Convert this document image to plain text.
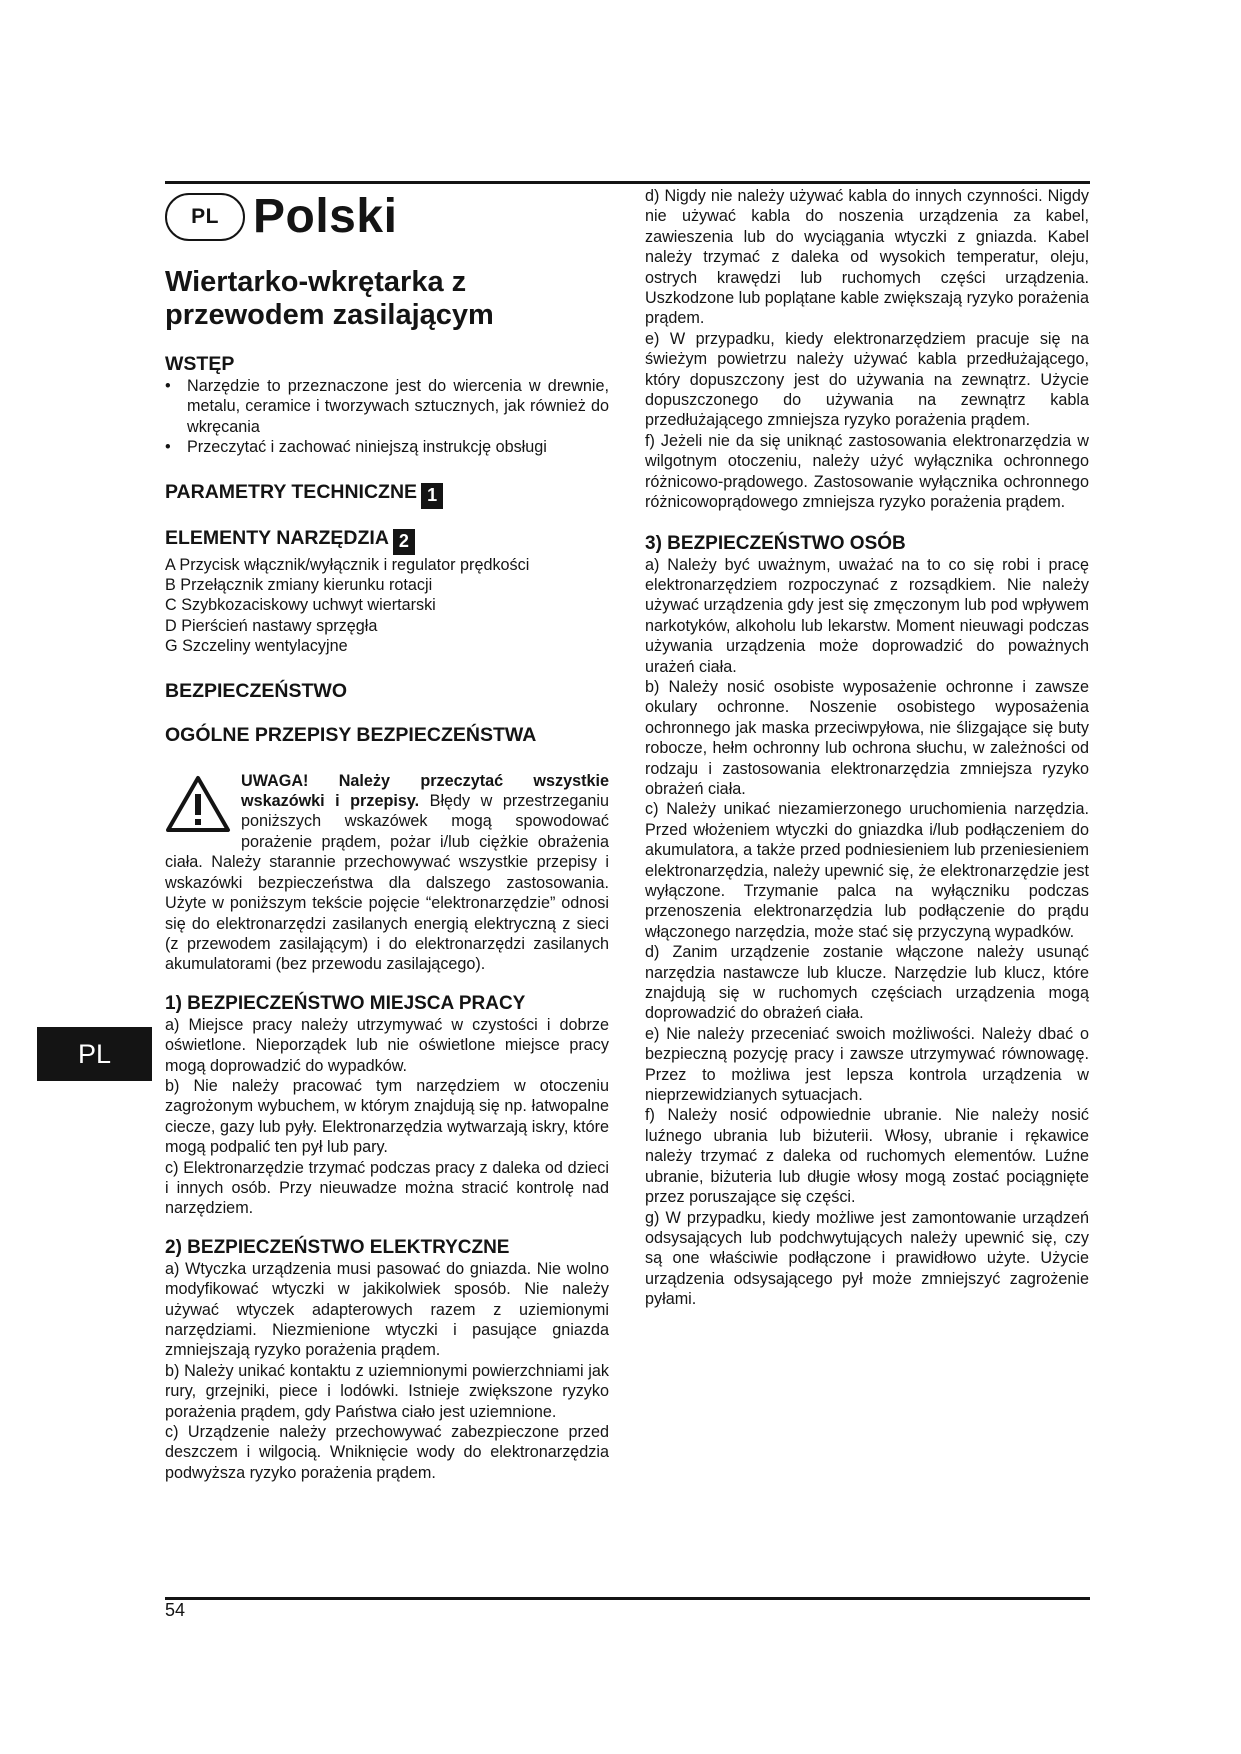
PL Polski
Wiertarko-wkrętarka z przewodem zasilającym
WSTĘP
• Narzędzie to przeznaczone jest do wiercenia w drewnie, metalu, ceramice i tworzywach sztucznych, jak również do wkręcania
• Przeczytać i zachować niniejszą instrukcję obsługi
PARAMETRY TECHNICZNE 1
ELEMENTY NARZĘDZIA 2

A Przycisk włącznik/wyłącznik i regulator prędkości

B Przełącznik zmiany kierunku rotacji

C Szybkozaciskowy uchwyt wiertarski

D Pierścień nastawy sprzęgła

G Szczeliny wentylacyjne

BEZPIECZEŃSTWO
OGÓLNE PRZEPISY BEZPIECZEŃSTWA

UWAGA! Należy przeczytać wszystkie wskazówki i przepisy. Błędy w przestrzeganiu poniższych wskazówek mogą spowodować porażenie prądem, pożar i/lub ciężkie obrażenia ciała. Należy starannie przechowywać wszystkie przepisy i wskazówki bezpieczeństwa dla dalszego zastosowania. Użyte w poniższym tekście pojęcie “elektronarzędzie” odnosi się do elektronarzędzi zasilanych energią elektryczną z sieci (z przewodem zasilającym) i do elektronarzędzi zasilanych akumulatorami (bez przewodu zasilającego).

1) BEZPIECZEŃSTWO MIEJSCA PRACY

a) Miejsce pracy należy utrzymywać w czystości i dobrze oświetlone. Nieporządek lub nie oświetlone miejsce pracy mogą doprowadzić do wypadków.

b) Nie należy pracować tym narzędziem w otoczeniu zagrożonym wybuchem, w którym znajdują się np. łatwopalne ciecze, gazy lub pyły. Elektronarzędzia wytwarzają iskry, które mogą podpalić ten pył lub pary.

c) Elektronarzędzie trzymać podczas pracy z daleka od dzieci i innych osób. Przy nieuwadze można stracić kontrolę nad narzędziem.

2) BEZPIECZEŃSTWO ELEKTRYCZNE

a) Wtyczka urządzenia musi pasować do gniazda. Nie wolno modyfikować wtyczki w jakikolwiek sposób. Nie należy używać wtyczek adapterowych razem z uziemionymi narzędziami. Niezmienione wtyczki i pasujące gniazda zmniejszają ryzyko porażenia prądem.

b) Należy unikać kontaktu z uziemnionymi powierzchniami jak rury, grzejniki, piece i lodówki. Istnieje zwiększone ryzyko porażenia prądem, gdy Państwa ciało jest uziemnione.

c) Urządzenie należy przechowywać zabezpieczone przed deszczem i wilgocią. Wniknięcie wody do elektronarzędzia podwyższa ryzyko porażenia prądem.

d) Nigdy nie należy używać kabla do innych czynności. Nigdy nie używać kabla do noszenia urządzenia za kabel, zawieszenia lub do wyciągania wtyczki z gniazda. Kabel należy trzymać z daleka od wysokich temperatur, oleju, ostrych krawędzi lub ruchomych części urządzenia. Uszkodzone lub poplątane kable zwiększają ryzyko porażenia prądem.

e) W przypadku, kiedy elektronarzędziem pracuje się na świeżym powietrzu należy używać kabla przedłużającego, który dopuszczony jest do używania na zewnątrz. Użycie dopuszczonego do używania na zewnątrz kabla przedłużającego zmniejsza ryzyko porażenia prądem.

f) Jeżeli nie da się uniknąć zastosowania elektronarzędzia w wilgotnym otoczeniu, należy użyć wyłącznika ochronnego różnicowo-prądowego. Zastosowanie wyłącznika ochronnego różnicowoprądowego zmniejsza ryzyko porażenia prądem.

3) BEZPIECZEŃSTWO OSÓB

a) Należy być uważnym, uważać na to co się robi i pracę elektronarzędziem rozpoczynać z rozsądkiem. Nie należy używać urządzenia gdy jest się zmęczonym lub pod wpływem narkotyków, alkoholu lub lekarstw. Moment nieuwagi podczas używania urządzenia może doprowadzić do poważnych urażeń ciała.

b) Należy nosić osobiste wyposażenie ochronne i zawsze okulary ochronne. Noszenie osobistego wyposażenia ochronnego jak maska przeciwpyłowa, nie ślizgające się buty robocze, hełm ochronny lub ochrona słuchu, w zależności od rodzaju i zastosowania elektronarzędzia zmniejsza ryzyko obrażeń ciała.

c) Należy unikać niezamierzonego uruchomienia narzędzia. Przed włożeniem wtyczki do gniazdka i/lub podłączeniem do akumulatora, a także przed podniesieniem lub przeniesieniem elektronarzędzia, należy upewnić się, że elektronarzędzie jest wyłączone. Trzymanie palca na wyłączniku podczas przenoszenia elektronarzędzia lub podłączenie do prądu włączonego narzędzia, może stać się przyczyną wypadków.

d) Zanim urządzenie zostanie włączone należy usunąć narzędzia nastawcze lub klucze. Narzędzie lub klucz, które znajdują się w ruchomych częściach urządzenia mogą doprowadzić do obrażeń ciała.

e) Nie należy przeceniać swoich możliwości. Należy dbać o bezpieczną pozycję pracy i zawsze utrzymywać równowagę. Przez to możliwa jest lepsza kontrola urządzenia w nieprzewidzianych sytuacjach.

f) Należy nosić odpowiednie ubranie. Nie należy nosić luźnego ubrania lub biżuterii. Włosy, ubranie i rękawice należy trzymać z daleka od ruchomych elementów. Luźne ubranie, biżuteria lub długie włosy mogą zostać pociągnięte przez poruszające się części.

g) W przypadku, kiedy możliwe jest zamontowanie urządzeń odsysających lub podchwytujących należy upewnić się, czy są one właściwie podłączone i prawidłowo użyte. Użycie urządzenia odsysającego pył może zmniejszyć zagrożenie pyłami.

PL
54
